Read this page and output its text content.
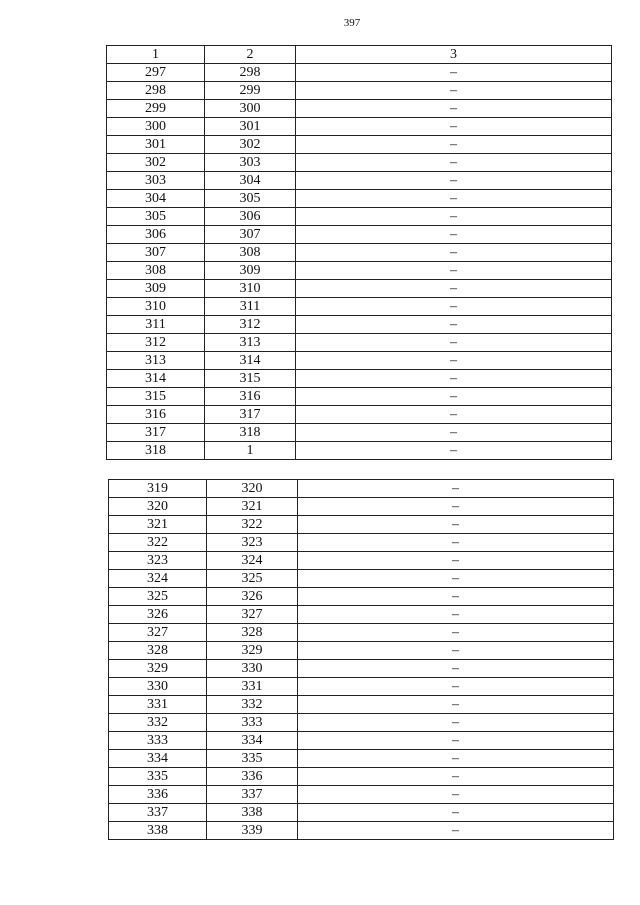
397
1	2	3
297	298	–
298	299	–
299	300	–
300	301	–
301	302	–
302	303	–
303	304	–
304	305	–
305	306	–
306	307	–
307	308	–
308	309	–
309	310	–
310	311	–
311	312	–
312	313	–
313	314	–
314	315	–
315	316	–
316	317	–
317	318	–
318	1	–
319	320	–
320	321	–
321	322	–
322	323	–
323	324	–
324	325	–
325	326	–
326	327	–
327	328	–
328	329	–
329	330	–
330	331	–
331	332	–
332	333	–
333	334	–
334	335	–
335	336	–
336	337	–
337	338	–
338	339	–
